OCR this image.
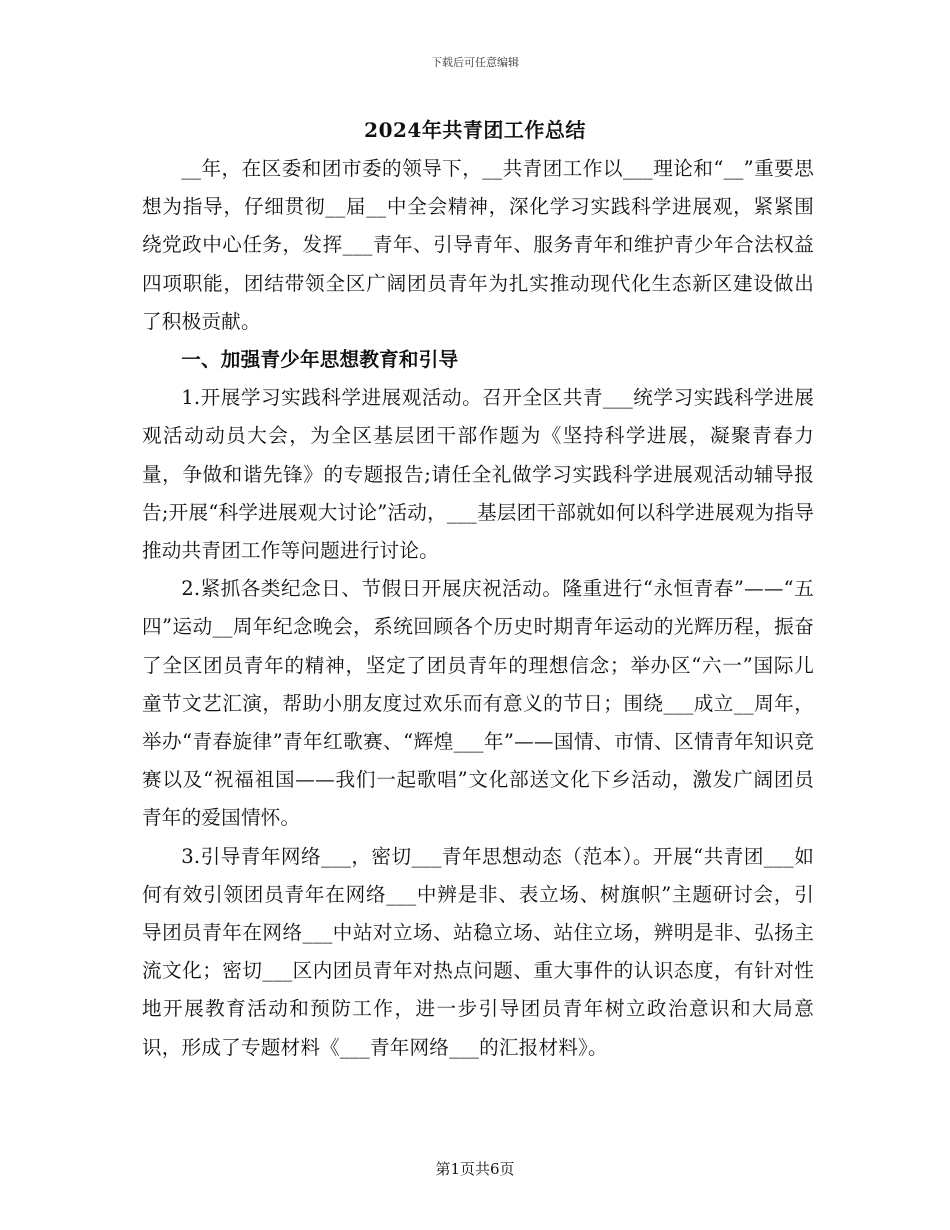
下载后可任意编辑
2024年共青团工作总结

__年，在区委和团市委的领导下，__共青团工作以___理论和“__”重要思想为指导，仔细贯彻__届__中全会精神，深化学习实践科学进展观，紧紧围绕党政中心任务，发挥___青年、引导青年、服务青年和维护青少年合法权益四项职能，团结带领全区广阔团员青年为扎实推动现代化生态新区建设做出了积极贡献。

一、加强青少年思想教育和引导

1.开展学习实践科学进展观活动。召开全区共青___统学习实践科学进展观活动动员大会，为全区基层团干部作题为《坚持科学进展，凝聚青春力量，争做和谐先锋》的专题报告;请任全礼做学习实践科学进展观活动辅导报告;开展“科学进展观大讨论”活动，___基层团干部就如何以科学进展观为指导推动共青团工作等问题进行讨论。

2.紧抓各类纪念日、节假日开展庆祝活动。隆重进行“永恒青春”——“五四”运动__周年纪念晚会，系统回顾各个历史时期青年运动的光辉历程，振奋了全区团员青年的精神，坚定了团员青年的理想信念；举办区“六一”国际儿童节文艺汇演，帮助小朋友度过欢乐而有意义的节日；围绕___成立__周年，举办“青春旋律”青年红歌赛、“辉煌___年”——国情、市情、区情青年知识竞赛以及“祝福祖国——我们一起歌唱”文化部送文化下乡活动，激发广阔团员青年的爱国情怀。

3.引导青年网络___，密切___青年思想动态（范本）。开展“共青团___如何有效引领团员青年在网络___中辨是非、表立场、树旗帜”主题研讨会，引导团员青年在网络___中站对立场、站稳立场、站住立场，辨明是非、弘扬主流文化；密切___区内团员青年对热点问题、重大事件的认识态度，有针对性地开展教育活动和预防工作，进一步引导团员青年树立政治意识和大局意识，形成了专题材料《___青年网络___的汇报材料》。

第1页共6页
